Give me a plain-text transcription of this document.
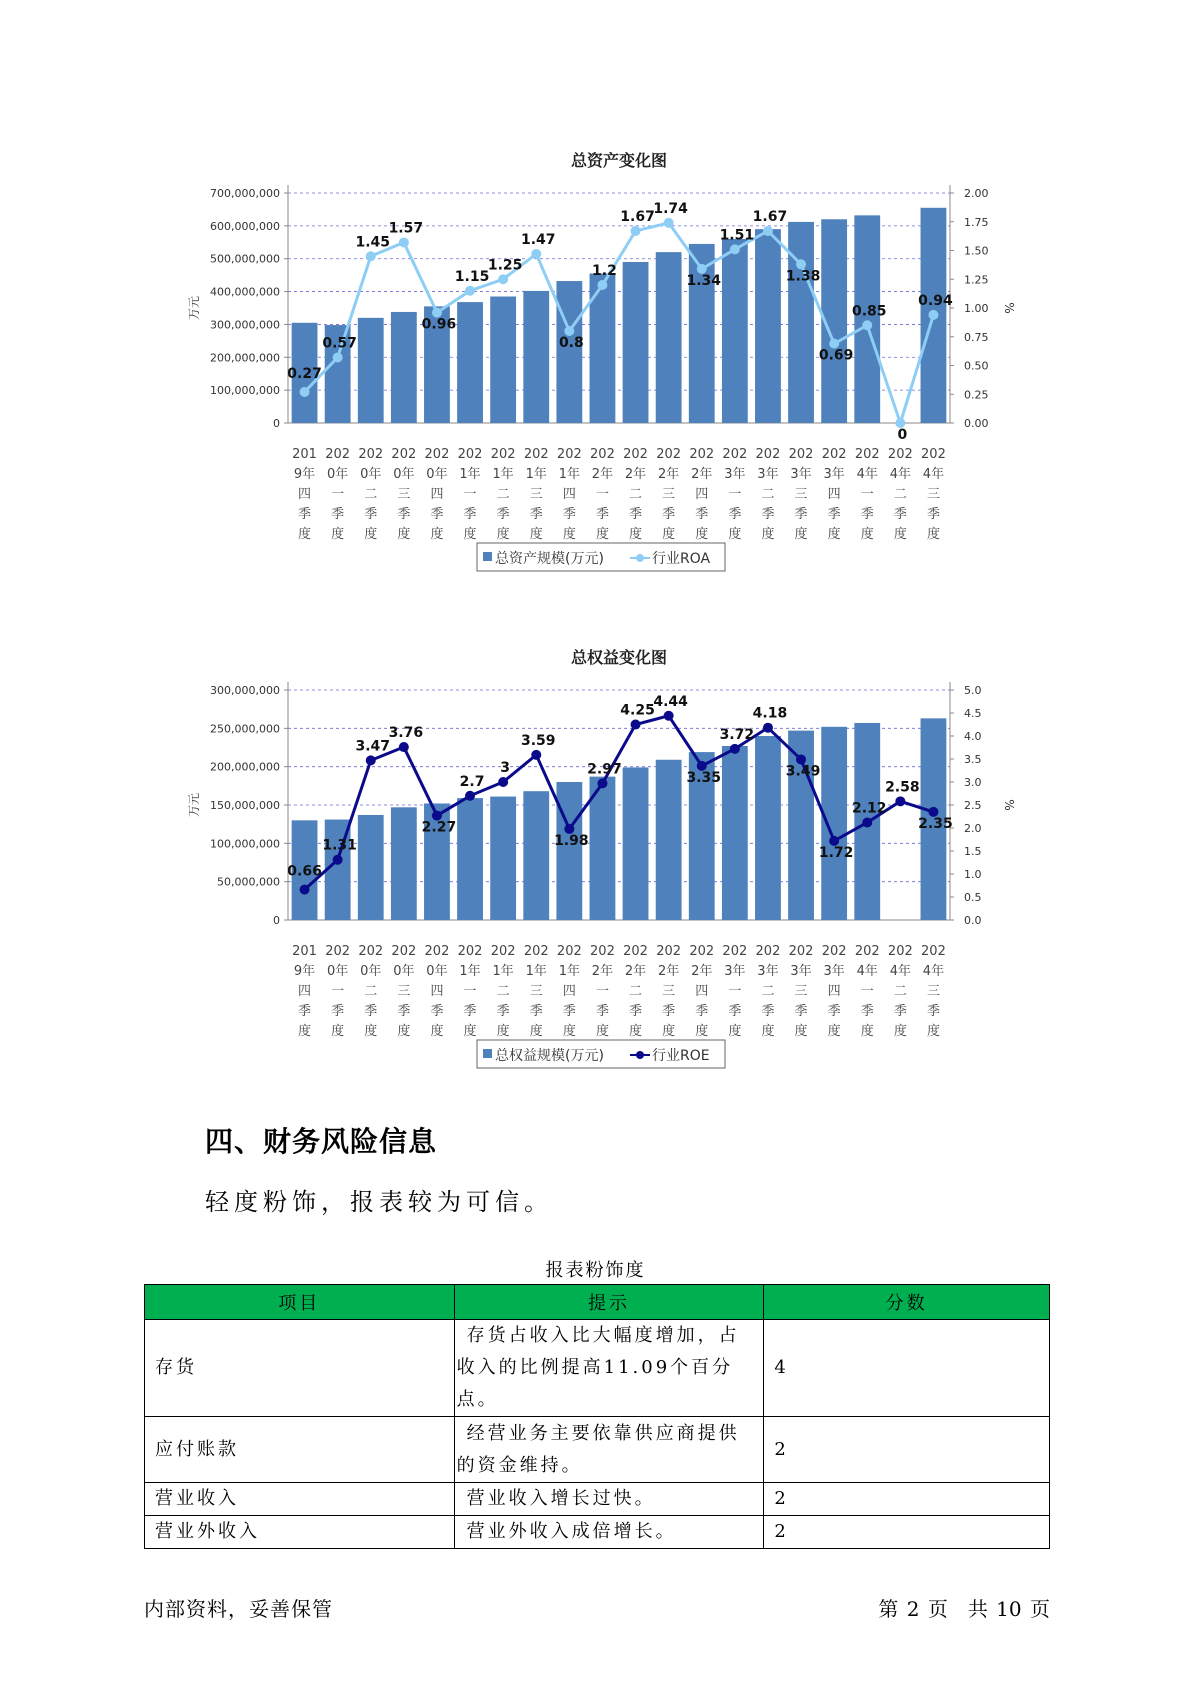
总资产变化图
0
100,000,000
200,000,000
300,000,000
400,000,000
500,000,000
600,000,000
700,000,000
0.00
0.25
0.50
0.75
1.00
1.25
1.50
1.75
2.00
万元	%
201
9年
四
季
度
202
0年
一
季
度
202
0年
二
季
度
202
0年
三
季
度
202
0年
四
季
度
202
1年
一
季
度
202
1年
二
季
度
202
1年
三
季
度
202
1年
四
季
度
202
2年
一
季
度
202
2年
二
季
度
202
2年
三
季
度
202
2年
四
季
度
202
3年
一
季
度
202
3年
二
季
度
202
3年
三
季
度
202
3年
四
季
度
202
4年
一
季
度
202
4年
二
季
度
202
4年
三
季
度
0.27
0.57
1.45
1.57
0.96
1.15
1.25
1.47
0.8
1.2
1.67
1.74
1.34
1.51
1.67
1.38
0.69
0.85
0
0.94
总资产规模(万元)	行业ROA
总权益变化图
0
50,000,000
100,000,000
150,000,000
200,000,000
250,000,000
300,000,000
0.0
0.5
1.0
1.5
2.0
2.5
3.0
3.5
4.0
4.5
5.0
万元	%
201
9年
四
季
度
202
0年
一
季
度
202
0年
二
季
度
202
0年
三
季
度
202
0年
四
季
度
202
1年
一
季
度
202
1年
二
季
度
202
1年
三
季
度
202
1年
四
季
度
202
2年
一
季
度
202
2年
二
季
度
202
2年
三
季
度
202
2年
四
季
度
202
3年
一
季
度
202
3年
二
季
度
202
3年
三
季
度
202
3年
四
季
度
202
4年
一
季
度
202
4年
二
季
度
202
4年
三
季
度
0.66
1.31
3.47
3.76
2.27
2.7
3
3.59
1.98
2.97
4.25
4.44
3.35
3.72
4.18
3.49
1.72
2.12
2.58
2.35
总权益规模(万元)	行业ROE
四、财务风险信息
轻度粉饰，报表较为可信。
报表粉饰度
项目	提示	分数
存货	存货占收入比大幅度增加，占收入的比例提高11.09个百分点。	4
应付账款	经营业务主要依靠供应商提供的资金维持。	2
营业收入	营业收入增长过快。	2
营业外收入	营业外收入成倍增长。	2
内部资料，妥善保管	第 2 页　共 10 页
